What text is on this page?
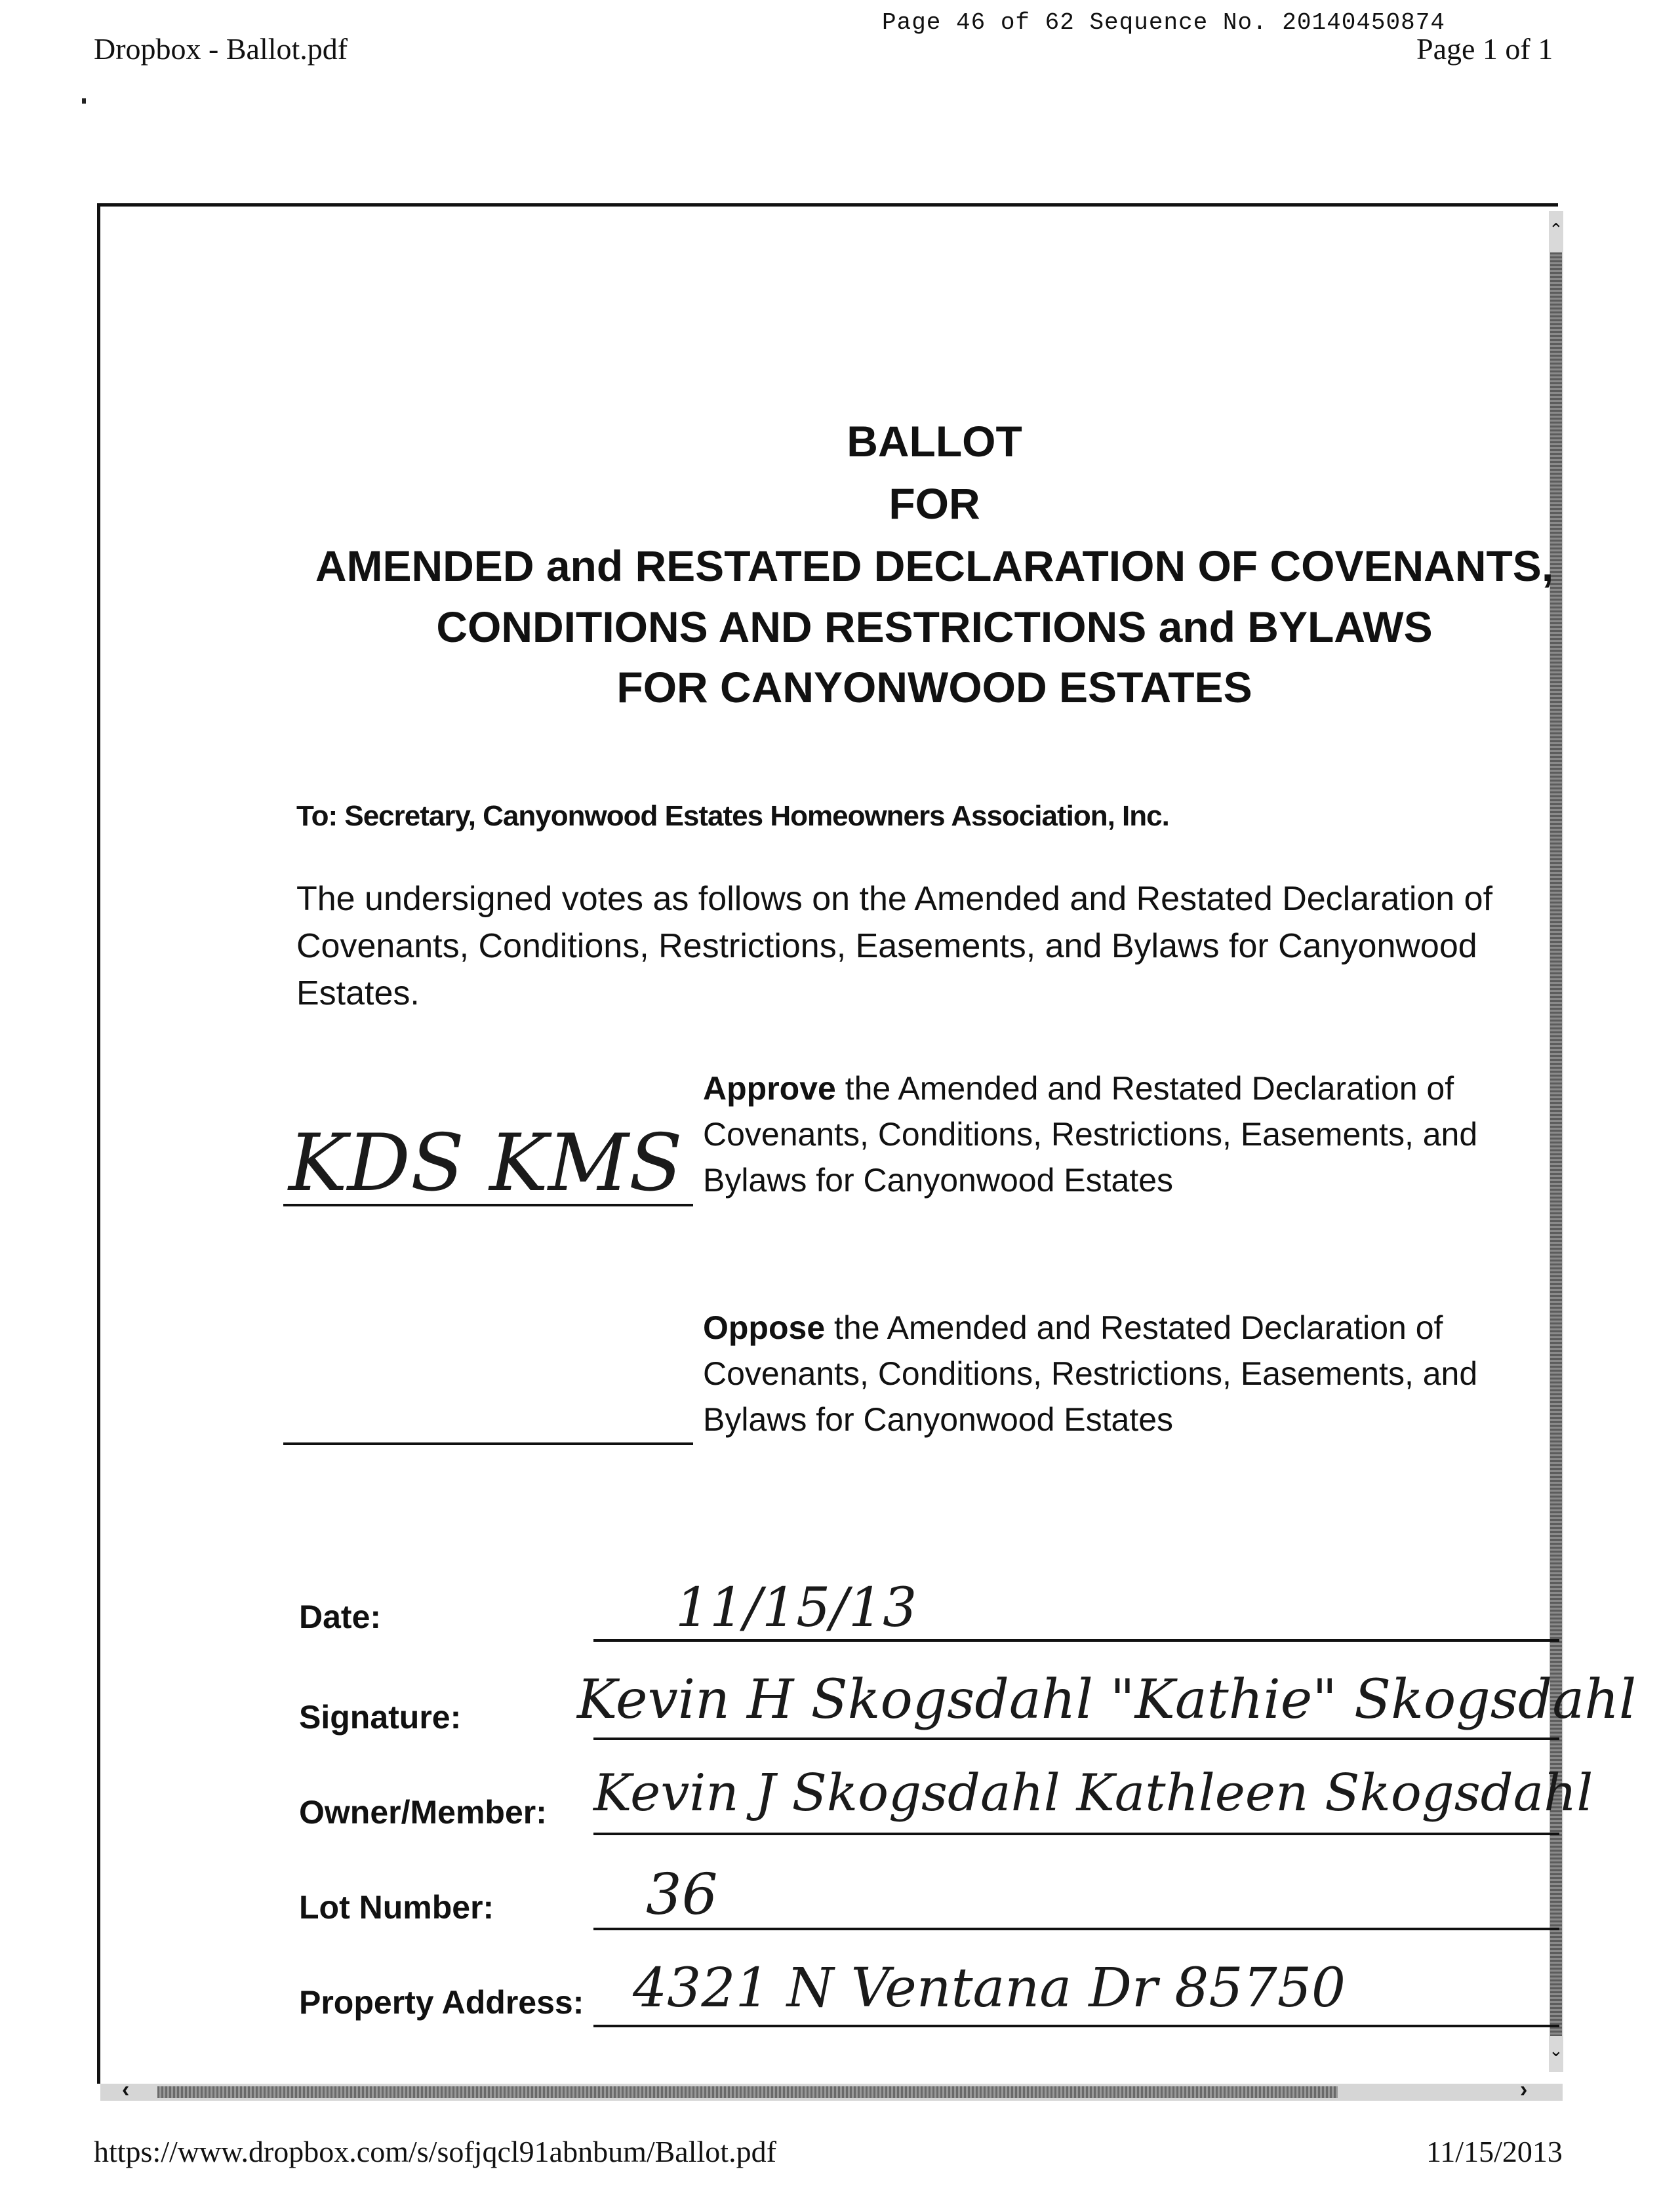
Dropbox - Ballot.pdf
Page 46 of 62 Sequence No. 20140450874
Page 1 of 1
⌃
⌄
‹	›
BALLOT
FOR
AMENDED and RESTATED DECLARATION OF COVENANTS,
CONDITIONS AND RESTRICTIONS and BYLAWS
FOR CANYONWOOD ESTATES
To: Secretary, Canyonwood Estates Homeowners Association, Inc.
The undersigned votes as follows on the Amended and Restated Declaration of Covenants, Conditions, Restrictions, Easements, and Bylaws for Canyonwood Estates.
KDS KMS
Approve the Amended and Restated Declaration of
Covenants, Conditions, Restrictions, Easements, and
Bylaws for Canyonwood Estates
Oppose the Amended and Restated Declaration of
Covenants, Conditions, Restrictions, Easements, and
Bylaws for Canyonwood Estates
Date:	11/15/13
Signature: Kevin H Skogsdahl "Kathie" Skogsdahl
Owner/Member: Kevin J Skogsdahl Kathleen Skogsdahl
Lot Number:	36
Property Address: 4321 N Ventana Dr 85750
https://www.dropbox.com/s/sofjqcl91abnbum/Ballot.pdf	11/15/2013
